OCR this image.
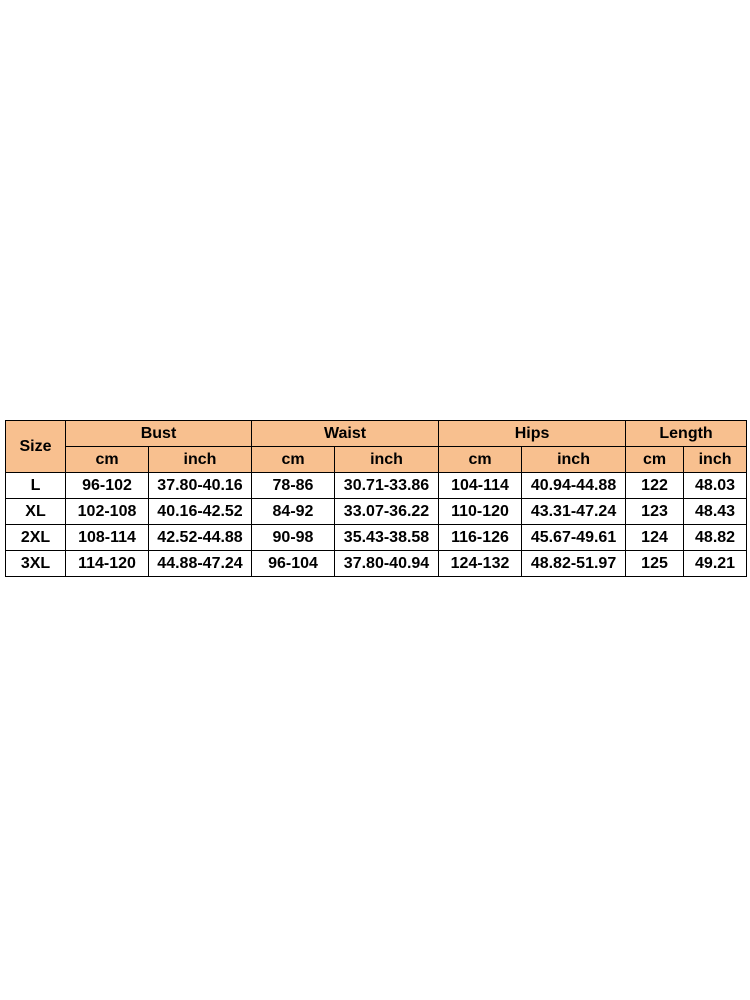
Size	Bust		Waist		Hips		Length	
	cm	inch	cm	inch	cm	inch	cm	inch
L	96-102	37.80-40.16	78-86	30.71-33.86	104-114	40.94-44.88	122	48.03
XL	102-108	40.16-42.52	84-92	33.07-36.22	110-120	43.31-47.24	123	48.43
2XL	108-114	42.52-44.88	90-98	35.43-38.58	116-126	45.67-49.61	124	48.82
3XL	114-120	44.88-47.24	96-104	37.80-40.94	124-132	48.82-51.97	125	49.21
